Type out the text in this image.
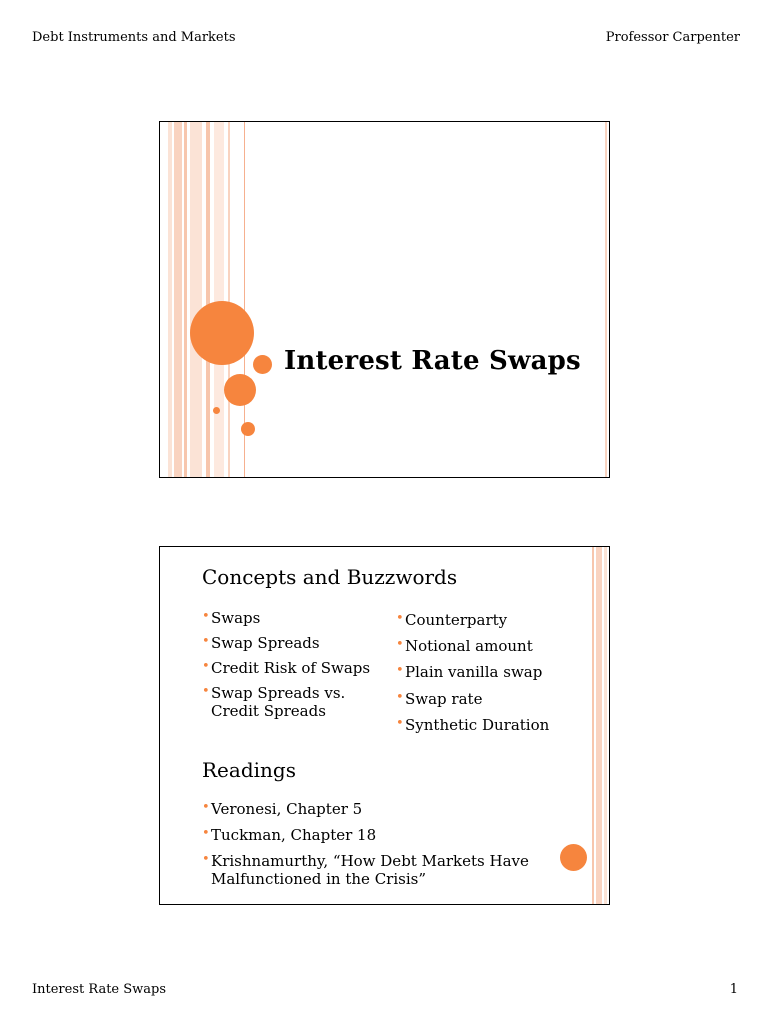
Debt Instruments and Markets	Professor Carpenter
Interest Rate Swaps
Concepts and Buzzwords
• Swaps
• Swap Spreads
• Credit Risk of Swaps
• Swap Spreads vs.
Credit Spreads
• Counterparty
• Notional amount
• Plain vanilla swap
• Swap rate
• Synthetic Duration
Readings
• Veronesi, Chapter 5
• Tuckman, Chapter 18
• Krishnamurthy, “How Debt Markets Have
Malfunctioned in the Crisis”
Interest Rate Swaps	1
